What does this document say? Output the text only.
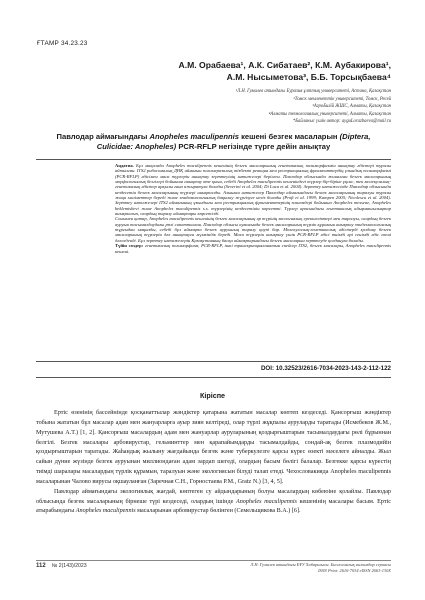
ҒТАМР 34.23.23
А.М. Орабаева¹, А.К. Сибатаев², К.М. Аубакирова¹,
А.М. Нысыметова³, Б.Б. Торсықбаева⁴
¹Л.Н. Гумилев атындағы Еуразия ұлттық университеті, Астана, Қазақстан
²Томск мемлекеттік университеті, Томск, Ресей
³АгроБилїй ЖШС, Алматы, Қазақстан
⁴Алматы технологиялық университеті, Алматы, Қазақстан
*Байланыс үшін автор: ayguLorazbaeva@mail.ru
Павлодар аймағындағы Anopheles maculipennis кешені безгек масаларын (Diptera,
Culicidae: Anopheles) PCR-RFLP негізінде түрге дейін анықтау

Аңдатпа. Бұл мақалада Anopheles maculipennis кешенінің безгек масаларының генетикалық полиморфизмін анықтау әдістері туралы айтылған. ITS2 рибосомалық ДНҚ аймағын полимеразалық тізбекті реакция мен рестрикциялық фрагменттердің ұзындық полиморфизмі (PCR-RFLP) әдісімен маса түрлерін анықтау зерттеуінің нәтижелері берілген. Павлодар облысында жиналған безгек масаларының морфологиялық белгілері бойынша анықтау өте қиын, себебі Anopheles maculipennis кешеніндегі түрлер бір-біріне ұқсас, тек молекулалық-генетикалық әдістер арқылы ғана ажыратуға болады (Severini et al. 2004; Di Luca et al. 2004). Зерттеу нәтижесінде Павлодар облысында кездесетін безгек масаларының түрлері анықталды. Алынған нәтижелер Павлодар аймағындағы безгек масаларының таралуы туралы жаңа мәліметтер береді және эпидемиологиялық бақылау жүргізуге негіз болады (Proft et al. 1999; Kampen 2005; Nicolescu et al. 2004). Зерттеу нәтижелері ITS2 аймағының ұзындығы мен рестрикциялық фрагменттерінің өлшемдері бойынша Anopheles messeae, Anopheles beklemishevi және Anopheles maculipennis s.s. түрлерінің кездесетінін көрсетті. Түрлер арасындағы генетикалық айырмашылықтар анықталып, олардың таралу аймақтары көрсетілді.

Сонымен қатар, Anopheles maculipennis кешенінің безгек масаларының әр түрінің экологиялық ерекшеліктері мен таралуы, олардың безгек ауруын тасымалдаудағы рөлі сипатталған. Павлодар облысы аумағында безгек масаларының түрлік құрамын анықтау эпидемиологиялық тұрғыдан маңызды, себебі бұл аймақта безгек ауруының таралу қаупі бар. Молекулалық-генетикалық әдістерді қолдану безгек масаларының түрлерін дәл анықтауға мүмкіндік береді. Маса түрлерін анықтау үшін PCR-RFLP әдісі тиімді әрі сенімді әдіс екені дәлелденді. Бұл зерттеу нәтижелерін Қазақстанның басқа аймақтарындағы безгек масаларын зерттеуде қолдануға болады.

Түйін сөздер: генетикалық полиморфизм, PCR-RFLP, ішкі транскрипцияланатын спейсер ITS2, безгек масалары, Anopheles maculipennis кешені.

DOI: 10.32523/2616-7034-2023-143-2-112-122
Кіріспе

Ертіс өзенінің бассейнінде қосқанаттылар жәндіктер қатарына жататын масалар көптеп кездеседі. Қансорғыш жәндіктер тобына жататын бұл масалар адам мен жануарларға ауыр зиян келтіреді, олар түрлі жұқпалы ауруларды таратады (Исмебеков Ж.М., Мутушева А.Т.) [1, 2]. Қансорғыш масалардың адам мен жануарлар ауруларының қоздырғыштарын тасымалдаудағы рөлі бұрыннан белгілі. Безгек масалары арбовирустар, гельминттер мен қарапайымдарды тасымалдайды, сондай-ақ безгек плазмодийін қоздырғыштарын таратады. Жаһандық жылыну жағдайында безгек және туберкулезге қарсы күрес өзекті мәселеге айналды. Жыл сайын дүние жүзінде безгек ауруынан миллиондаған адам зардап шегеді, олардың басым бөлігі балалар. Безгекке қарсы күрестің тиімді шаралары масалардың түрлік құрамын, таралуын және экологиясын білуді талап етеді. Чехословакияда Anopheles maculipennis масаларынан Чалово вирусы оқшауланған (Заречная С.Н., Горностаева Р.М., Gratz N.) [3, 4, 5].

Павлодар аймағындағы экологиялық жағдай, көптеген су айдындарының болуы масалардың көбеюіне қолайлы. Павлодар облысында безгек масаларының бірнеше түрі кездеседі, олардың ішінде Anopheles maculipennis кешенінің масалары басым. Ертіс атырабындағы Anopheles maculipennis масаларынан арбовирустар бөлінген (Семельщикова В.А.) [6].

112 № 2(143)/2023	Л.Н. Гумилев атындағы ЕҰУ Хабаршысы. Биологиялық ғылымдар сериясы
ISSN Print: 2616-7034 eISSN 2663-130X
